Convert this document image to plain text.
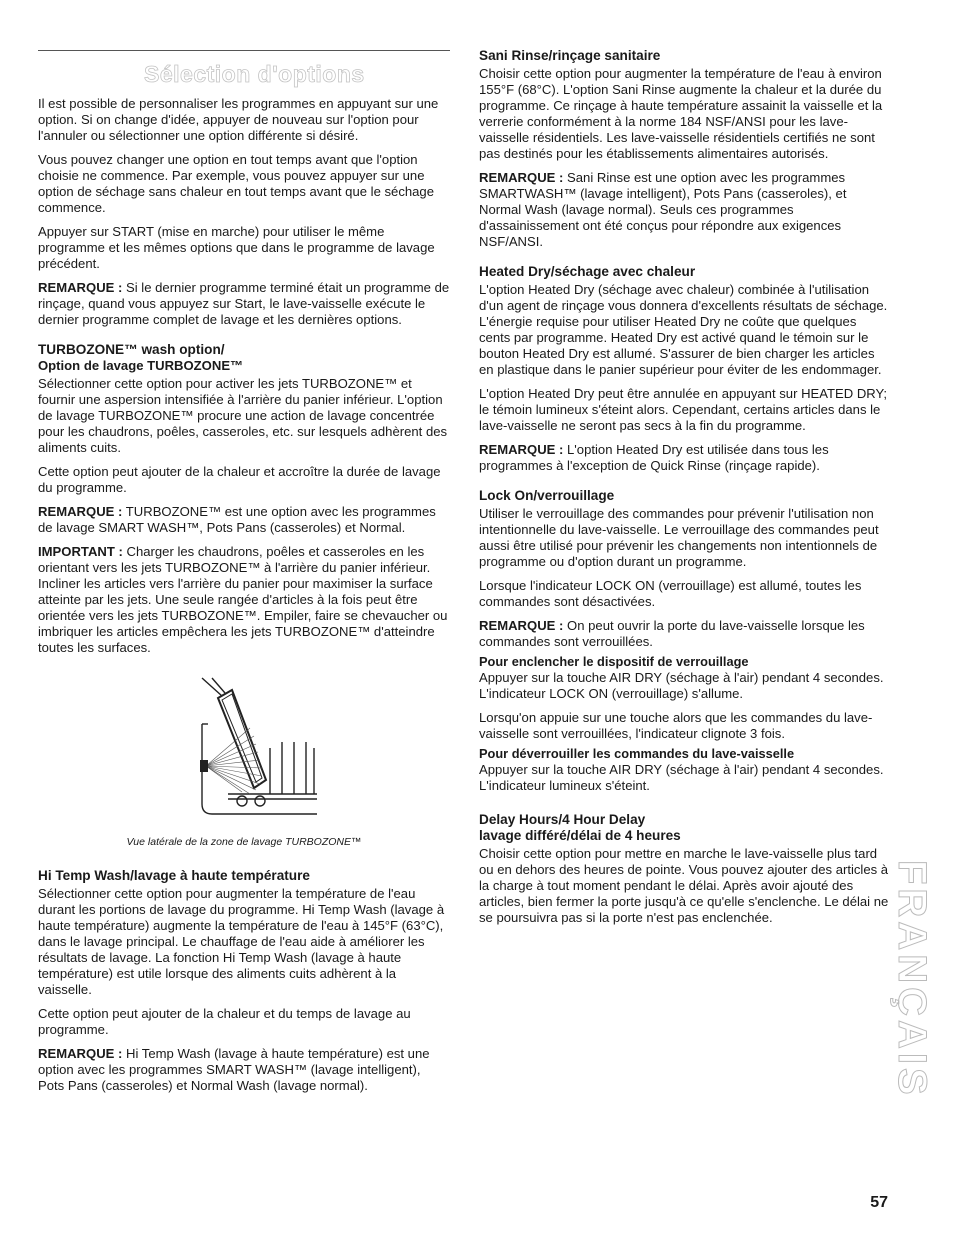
Sélection d'options

Il est possible de personnaliser les programmes en appuyant sur une option. Si on change d'idée, appuyer de nouveau sur l'option pour l'annuler ou sélectionner une option différente si désiré.

Vous pouvez changer une option en tout temps avant que l'option choisie ne commence. Par exemple, vous pouvez appuyer sur une option de séchage sans chaleur en tout temps avant que le séchage commence.

Appuyer sur START (mise en marche) pour utiliser le même programme et les mêmes options que dans le programme de lavage précédent.

REMARQUE : Si le dernier programme terminé était un programme de rinçage, quand vous appuyez sur Start, le lave-vaisselle exécute le dernier programme complet de lavage et les dernières options.

TURBOZONE™ wash option/
Option de lavage TURBOZONE™

Sélectionner cette option pour activer les jets TURBOZONE™ et fournir une aspersion intensifiée à l'arrière du panier inférieur. L'option de lavage TURBOZONE™ procure une action de lavage concentrée pour les chaudrons, poêles, casseroles, etc. sur lesquels adhèrent des aliments cuits.

Cette option peut ajouter de la chaleur et accroître la durée de lavage du programme.

REMARQUE : TURBOZONE™ est une option avec les programmes de lavage SMART WASH™, Pots Pans (casseroles) et Normal.

IMPORTANT : Charger les chaudrons, poêles et casseroles en les orientant vers les jets TURBOZONE™ à l'arrière du panier inférieur. Incliner les articles vers l'arrière du panier pour maximiser la surface atteinte par les jets. Une seule rangée d'articles à la fois peut être orientée vers les jets TURBOZONE™. Empiler, faire se chevaucher ou imbriquer les articles empêchera les jets TURBOZONE™ d'atteindre toutes les surfaces.

Vue latérale de la zone de lavage TURBOZONE™
Hi Temp Wash/lavage à haute température

Sélectionner cette option pour augmenter la température de l'eau durant les portions de lavage du programme. Hi Temp Wash (lavage à haute température) augmente la température de l'eau à 145°F (63°C), dans le lavage principal. Le chauffage de l'eau aide à améliorer les résultats de lavage. La fonction Hi Temp Wash (lavage à haute température) est utile lorsque des aliments cuits adhèrent à la vaisselle.

Cette option peut ajouter de la chaleur et du temps de lavage au programme.

REMARQUE : Hi Temp Wash (lavage à haute température) est une option avec les programmes SMART WASH™ (lavage intelligent), Pots Pans (casseroles) et Normal Wash (lavage normal).

Sani Rinse/rinçage sanitaire

Choisir cette option pour augmenter la température de l'eau à environ 155°F (68°C). L'option Sani Rinse augmente la chaleur et la durée du programme. Ce rinçage à haute température assainit la vaisselle et la verrerie conformément à la norme 184 NSF/ANSI pour les lave-vaisselle résidentiels. Les lave-vaisselle résidentiels certifiés ne sont pas destinés pour les établissements alimentaires autorisés.

REMARQUE : Sani Rinse est une option avec les programmes SMARTWASH™ (lavage intelligent), Pots Pans (casseroles), et Normal Wash (lavage normal). Seuls ces programmes d'assainissement ont été conçus pour répondre aux exigences NSF/ANSI.

Heated Dry/séchage avec chaleur

L'option Heated Dry (séchage avec chaleur) combinée à l'utilisation d'un agent de rinçage vous donnera d'excellents résultats de séchage. L'énergie requise pour utiliser Heated Dry ne coûte que quelques cents par programme. Heated Dry est activé quand le témoin sur le bouton Heated Dry est allumé. S'assurer de bien charger les articles en plastique dans le panier supérieur pour éviter de les endommager.

L'option Heated Dry peut être annulée en appuyant sur HEATED DRY; le témoin lumineux s'éteint alors. Cependant, certains articles dans le lave-vaisselle ne seront pas secs à la fin du programme.

REMARQUE : L'option Heated Dry est utilisée dans tous les programmes à l'exception de Quick Rinse (rinçage rapide).

Lock On/verrouillage

Utiliser le verrouillage des commandes pour prévenir l'utilisation non intentionnelle du lave-vaisselle. Le verrouillage des commandes peut aussi être utilisé pour prévenir les changements non intentionnels de programme ou d'option durant un programme.

Lorsque l'indicateur LOCK ON (verrouillage) est allumé, toutes les commandes sont désactivées.

REMARQUE : On peut ouvrir la porte du lave-vaisselle lorsque les commandes sont verrouillées.

Pour enclencher le dispositif de verrouillage

Appuyer sur la touche AIR DRY (séchage à l'air) pendant 4 secondes. L'indicateur LOCK ON (verrouillage) s'allume.

Lorsqu'on appuie sur une touche alors que les commandes du lave-vaisselle sont verrouillées, l'indicateur clignote 3 fois.

Pour déverrouiller les commandes du lave-vaisselle

Appuyer sur la touche AIR DRY (séchage à l'air) pendant 4 secondes. L'indicateur lumineux s'éteint.

Delay Hours/4 Hour Delay
lavage différé/délai de 4 heures

Choisir cette option pour mettre en marche le lave-vaisselle plus tard ou en dehors des heures de pointe. Vous pouvez ajouter des articles à la charge à tout moment pendant le délai. Après avoir ajouté des articles, bien fermer la porte jusqu'à ce qu'elle s'enclenche. Le délai ne se poursuivra pas si la porte n'est pas enclenchée.	FRANÇAIS
57
